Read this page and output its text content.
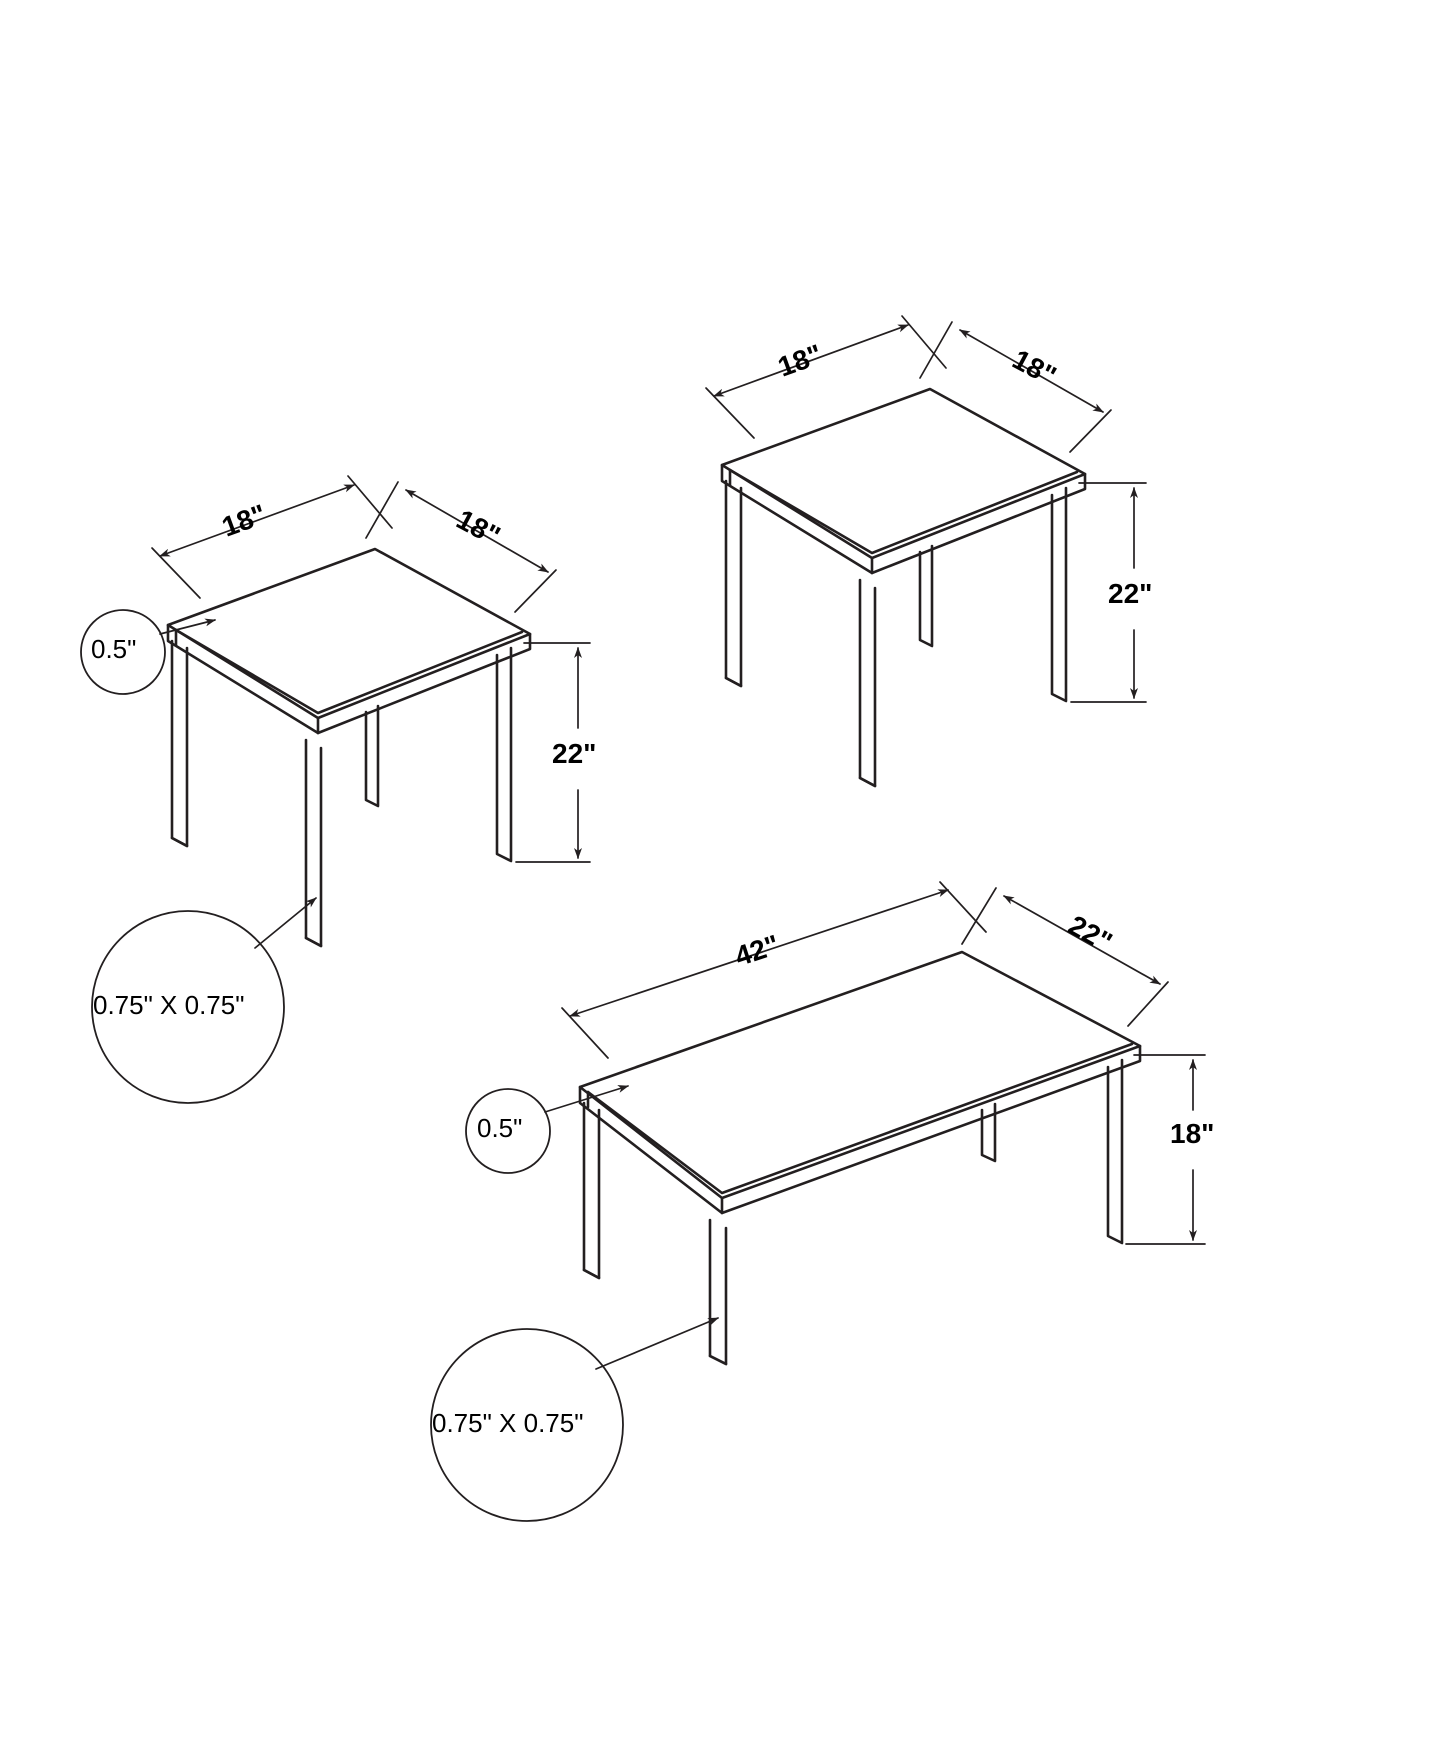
18"	18"
22"
0.5"
0.75" X 0.75"
18"	18"
22"
42"	22"
18"
0.5"
0.75" X 0.75"
